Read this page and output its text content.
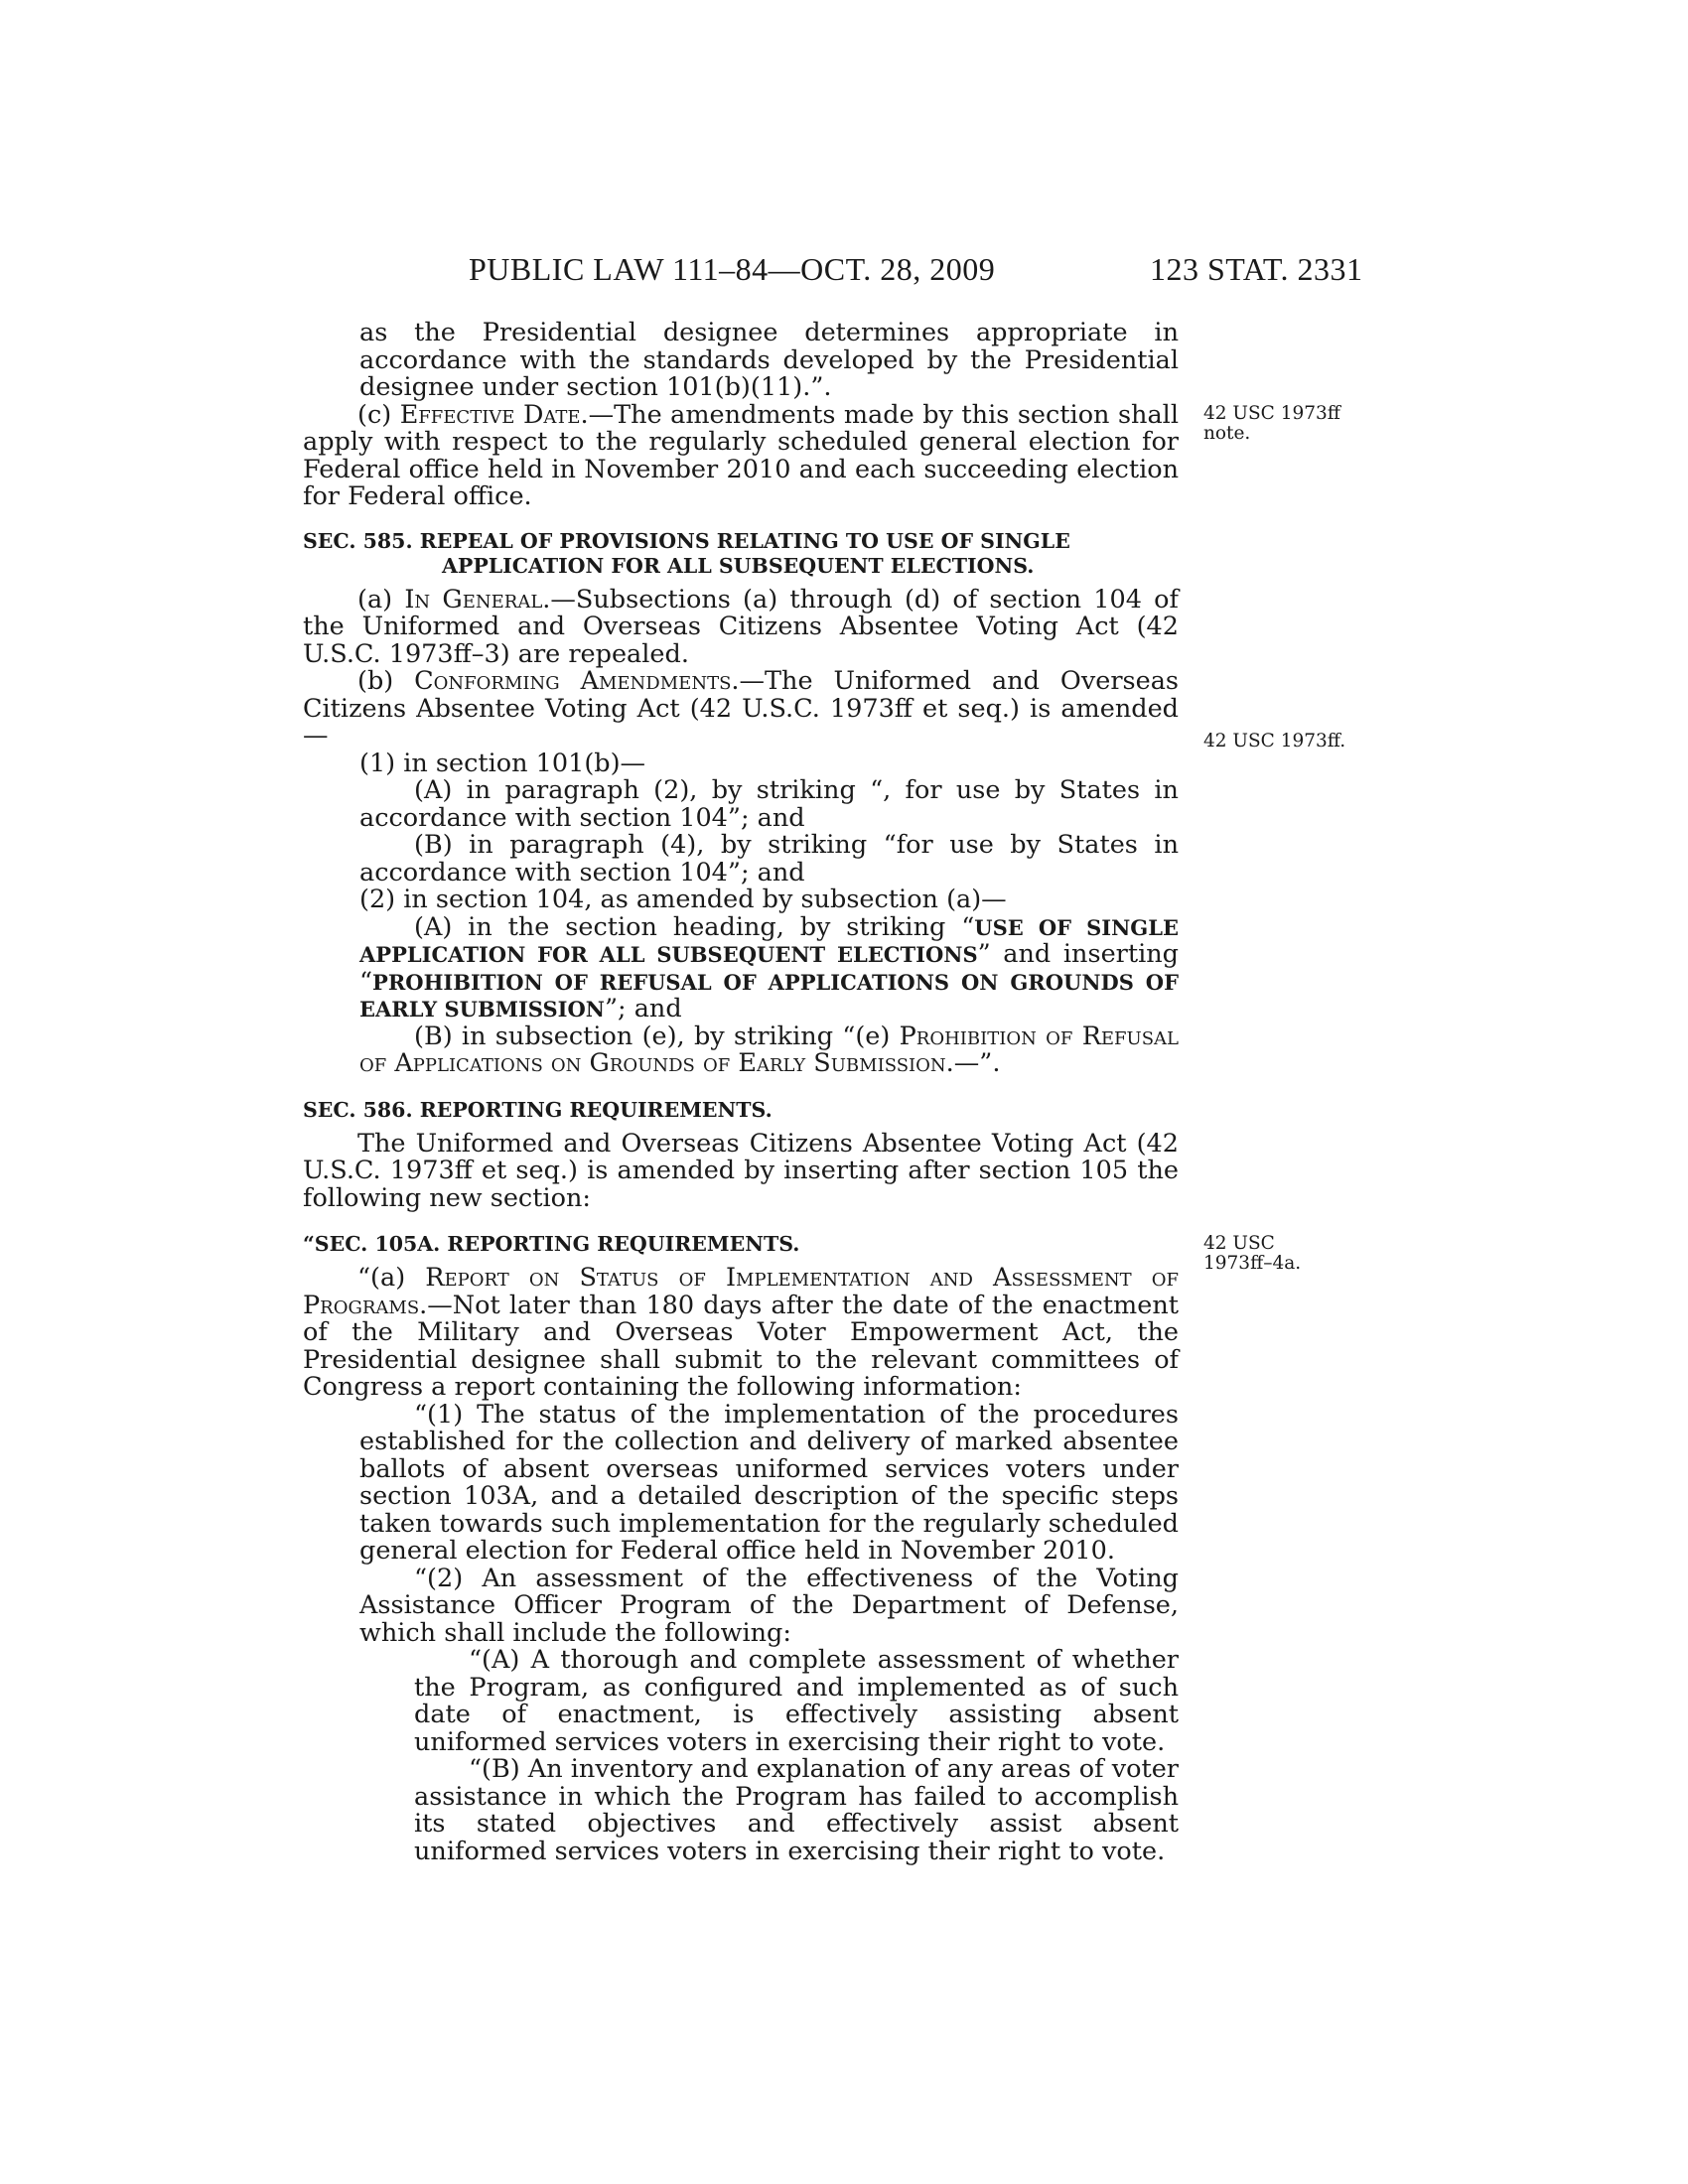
PUBLIC LAW 111–84—OCT. 28, 2009	123 STAT. 2331
42 USC 1973ff
note.
42 USC 1973ff.
42 USC
1973ff–4a.

as the Presidential designee determines appropriate in accordance with the standards developed by the Presidential designee under section 101(b)(11).”.

(c) Effective Date.—The amendments made by this section shall apply with respect to the regularly scheduled general election for Federal office held in November 2010 and each succeeding election for Federal office.

SEC. 585. REPEAL OF PROVISIONS RELATING TO USE OF SINGLE
APPLICATION FOR ALL SUBSEQUENT ELECTIONS.

(a) In General.—Subsections (a) through (d) of section 104 of the Uniformed and Overseas Citizens Absentee Voting Act (42 U.S.C. 1973ff–3) are repealed.

(b) Conforming Amendments.—The Uniformed and Overseas Citizens Absentee Voting Act (42 U.S.C. 1973ff et seq.) is amended—

(1) in section 101(b)—

(A) in paragraph (2), by striking “, for use by States in accordance with section 104”; and

(B) in paragraph (4), by striking “for use by States in accordance with section 104”; and

(2) in section 104, as amended by subsection (a)—

(A) in the section heading, by striking “USE OF SINGLE APPLICATION FOR ALL SUBSEQUENT ELECTIONS” and inserting “PROHIBITION OF REFUSAL OF APPLICATIONS ON GROUNDS OF EARLY SUBMISSION”; and

(B) in subsection (e), by striking “(e) Prohibition of Refusal of Applications on Grounds of Early Submission.—”.

SEC. 586. REPORTING REQUIREMENTS.

The Uniformed and Overseas Citizens Absentee Voting Act (42 U.S.C. 1973ff et seq.) is amended by inserting after section 105 the following new section:

“SEC. 105A. REPORTING REQUIREMENTS.

“(a) Report on Status of Implementation and Assessment of Programs.—Not later than 180 days after the date of the enactment of the Military and Overseas Voter Empowerment Act, the Presidential designee shall submit to the relevant committees of Congress a report containing the following information:

“(1) The status of the implementation of the procedures established for the collection and delivery of marked absentee ballots of absent overseas uniformed services voters under section 103A, and a detailed description of the specific steps taken towards such implementation for the regularly scheduled general election for Federal office held in November 2010.

“(2) An assessment of the effectiveness of the Voting Assistance Officer Program of the Department of Defense, which shall include the following:

“(A) A thorough and complete assessment of whether the Program, as configured and implemented as of such date of enactment, is effectively assisting absent uniformed services voters in exercising their right to vote.

“(B) An inventory and explanation of any areas of voter assistance in which the Program has failed to accomplish its stated objectives and effectively assist absent uniformed services voters in exercising their right to vote.
